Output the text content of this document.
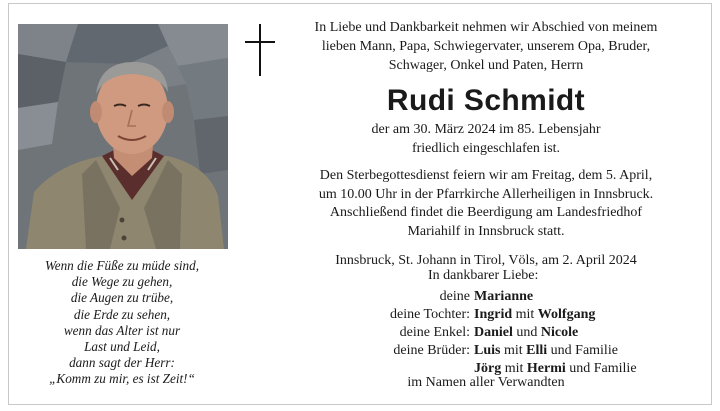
Wenn die Füße zu müde sind,
die Wege zu gehen,
die Augen zu trübe,
die Erde zu sehen,
wenn das Alter ist nur
Last und Leid,
dann sagt der Herr:
„Komm zu mir, es ist Zeit!“
In Liebe und Dankbarkeit nehmen wir Abschied von meinem
lieben Mann, Papa, Schwiegervater, unserem Opa, Bruder,
Schwager, Onkel und Paten, Herrn
Rudi Schmidt
der am 30. März 2024 im 85. Lebensjahr
friedlich eingeschlafen ist.
Den Sterbegottesdienst feiern wir am Freitag, dem 5. April,
um 10.00 Uhr in der Pfarrkirche Allerheiligen in Innsbruck.
Anschließend findet die Beerdigung am Landesfriedhof
Mariahilf in Innsbruck statt.
Innsbruck, St. Johann in Tirol, Völs, am 2. April 2024
In dankbarer Liebe:
deine Marianne
deine Tochter: Ingrid mit Wolfgang
deine Enkel: Daniel und Nicole
deine Brüder: Luis mit Elli und Familie
Jörg mit Hermi und Familie
im Namen aller Verwandten
